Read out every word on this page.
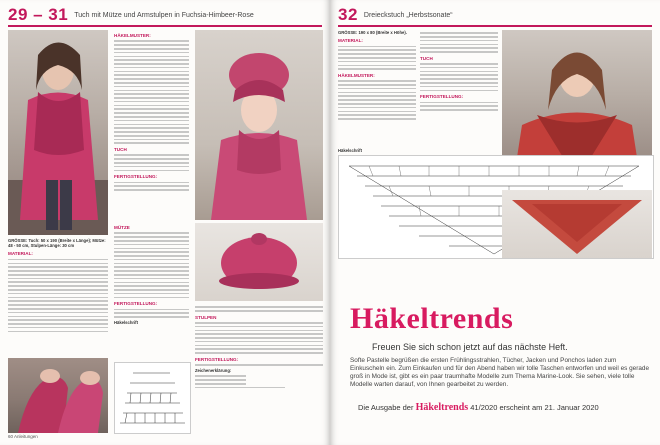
29 – 31 Tuch mit Mütze und Armstulpen in Fuchsia-Himbeer-Rose
HÄKELMUSTER:
TUCH
FERTIGSTELLUNG:
GRÖSSE: Tuch: 50 x 190 (Breite x Länge); Mütze: 48 - 50 cm, Stulpen-Länge: 30 cm
MATERIAL:
MÜTZE
FERTIGSTELLUNG:
Häkelschrift
STULPEN
FERTIGSTELLUNG:
Zeichenerklärung:
60 Anleitungen
32 Dreieckstuch „Herbstsonate“
GRÖSSE: 190 x 80 (Breite x Höhe).
MATERIAL:
HÄKELMUSTER:
TUCH
FERTIGSTELLUNG:
Häkelschrift
Häkeltrends
Freuen Sie sich schon jetzt auf das nächste Heft.
Softe Pastelle begrüßen die ersten Frühlingsstrahlen, Tücher, Jacken und Ponchos laden zum Einkuscheln ein. Zum Einkaufen und für den Abend haben wir tolle Taschen entworfen und weil es gerade groß in Mode ist, gibt es ein paar traumhafte Modelle zum Thema Marine-Look. Sie sehen, viele tolle Modelle warten darauf, von Ihnen gearbeitet zu werden.
Die Ausgabe der Häkeltrends 41/2020 erscheint am 21. Januar 2020
